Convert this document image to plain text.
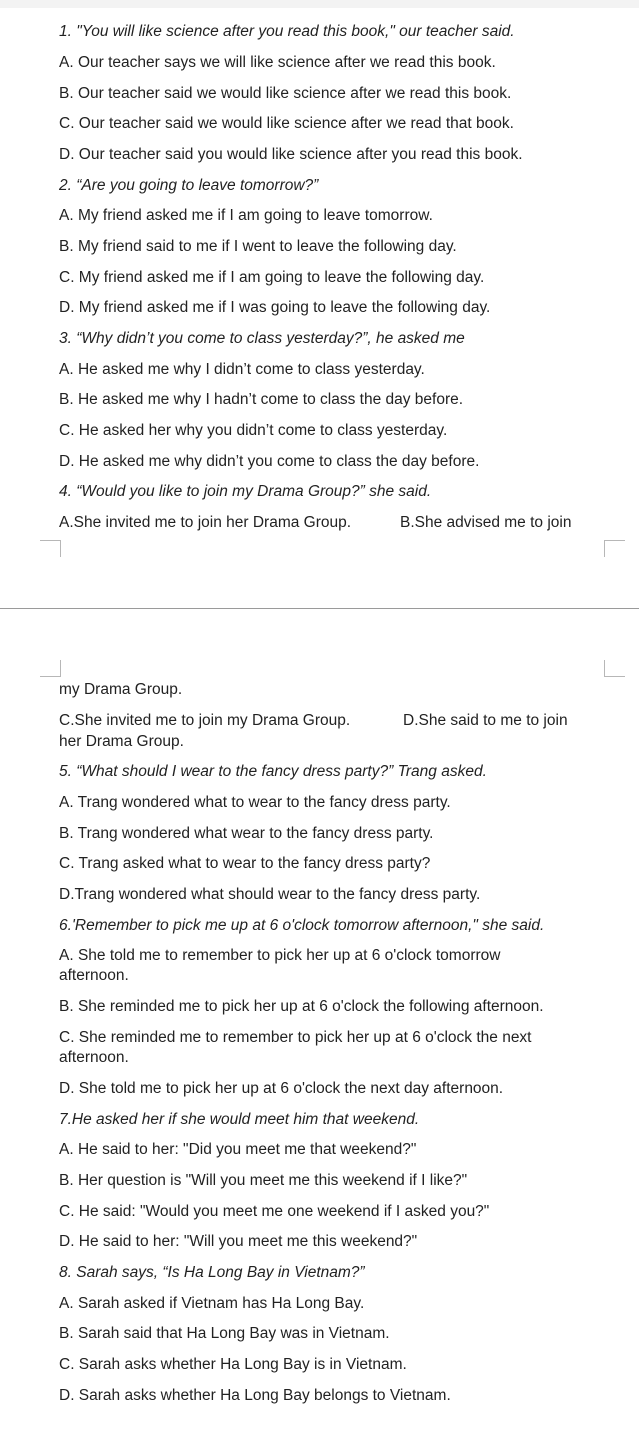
1. "You will like science after you read this book," our teacher said.
A. Our teacher says we will like science after we read this book.
B. Our teacher said we would like science after we read this book.
C. Our teacher said we would like science after we read that book.
D. Our teacher said you would like science after you read this book.
2. “Are you going to leave tomorrow?”
A. My friend asked me if I am going to leave tomorrow.
B. My friend said to me if I went to leave the following day.
C. My friend asked me if I am going to leave the following day.
D. My friend asked me if I was going to leave the following day.
3. “Why didn’t you come to class yesterday?”, he asked me
A. He asked me why I didn’t come to class yesterday.
B. He asked me why I hadn’t come to class the day before.
C. He asked her why you didn’t come to class yesterday.
D. He asked me why didn’t you come to class the day before.
4. “Would you like to join my Drama Group?” she said.
A.She invited me to join her Drama Group.	B.She advised me to join
my Drama Group.
C.She invited me to join my Drama Group.	D.She said to me to join
her Drama Group.
5. “What should I wear to the fancy dress party?” Trang asked.
A. Trang wondered what to wear to the fancy dress party.
B. Trang wondered what wear to the fancy dress party.
C. Trang asked what to wear to the fancy dress party?
D.Trang wondered what should wear to the fancy dress party.
6.'Remember to pick me up at 6 o'clock tomorrow afternoon," she said.
A. She told me to remember to pick her up at 6 o'clock tomorrow
afternoon.
B. She reminded me to pick her up at 6 o'clock the following afternoon.
C. She reminded me to remember to pick her up at 6 o'clock the next
afternoon.
D. She told me to pick her up at 6 o'clock the next day afternoon.
7.He asked her if she would meet him that weekend.
A. He said to her: "Did you meet me that weekend?"
B. Her question is "Will you meet me this weekend if I like?"
C. He said: "Would you meet me one weekend if I asked you?"
D. He said to her: "Will you meet me this weekend?"
8. Sarah says, “Is Ha Long Bay in Vietnam?”
A. Sarah asked if Vietnam has Ha Long Bay.
B. Sarah said that Ha Long Bay was in Vietnam.
C. Sarah asks whether Ha Long Bay is in Vietnam.
D. Sarah asks whether Ha Long Bay belongs to Vietnam.
